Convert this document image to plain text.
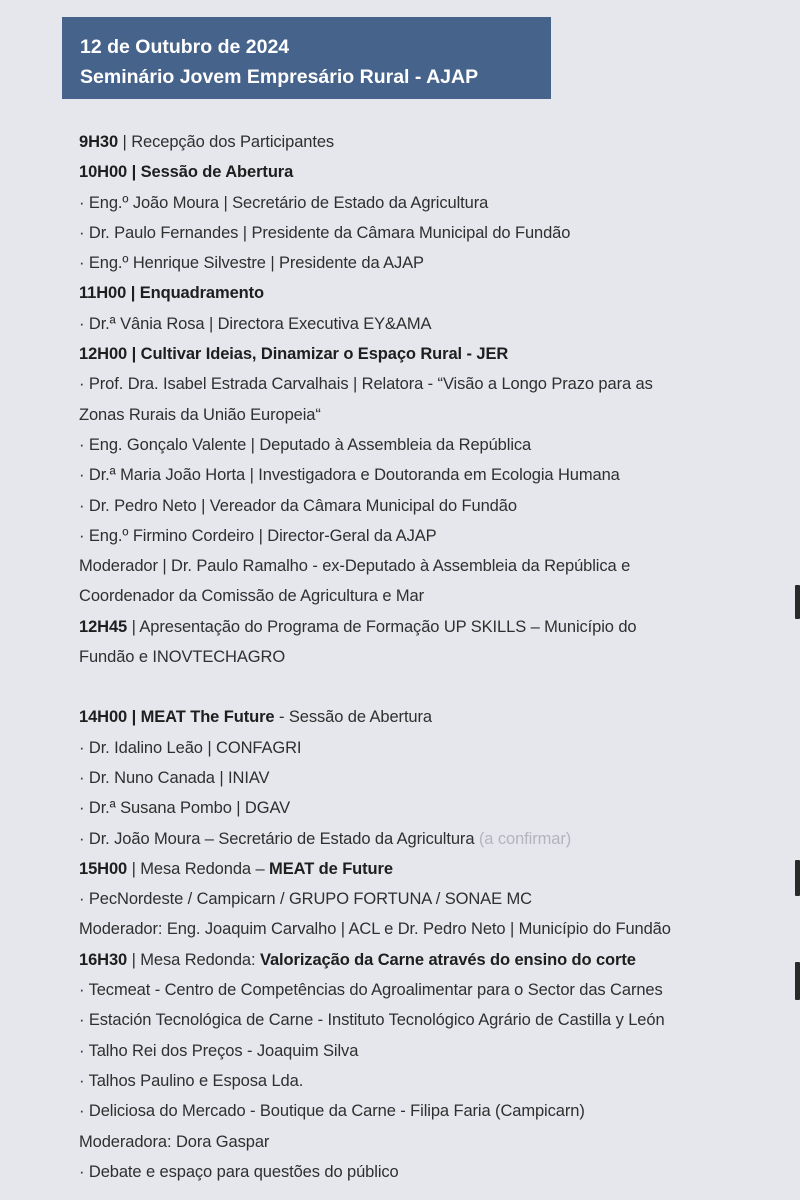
12 de Outubro de 2024
Seminário Jovem Empresário Rural - AJAP
9H30 | Recepção dos Participantes
10H00 | Sessão de Abertura
· Eng.º João Moura | Secretário de Estado da Agricultura
· Dr. Paulo Fernandes | Presidente da Câmara Municipal do Fundão
· Eng.º Henrique Silvestre | Presidente da AJAP
11H00 | Enquadramento
· Dr.ª Vânia Rosa | Directora Executiva EY&AMA
12H00 | Cultivar Ideias, Dinamizar o Espaço Rural - JER
· Prof. Dra. Isabel Estrada Carvalhais | Relatora - “Visão a Longo Prazo para as
Zonas Rurais da União Europeia“
· Eng. Gonçalo Valente | Deputado à Assembleia da República
· Dr.ª Maria João Horta | Investigadora e Doutoranda em Ecologia Humana
· Dr. Pedro Neto | Vereador da Câmara Municipal do Fundão
· Eng.º Firmino Cordeiro | Director-Geral da AJAP
Moderador | Dr. Paulo Ramalho - ex-Deputado à Assembleia da República e
Coordenador da Comissão de Agricultura e Mar
12H45 | Apresentação do Programa de Formação UP SKILLS – Município do
Fundão e INOVTECHAGRO
14H00 | MEAT The Future - Sessão de Abertura
· Dr. Idalino Leão | CONFAGRI
· Dr. Nuno Canada | INIAV
· Dr.ª Susana Pombo | DGAV
· Dr. João Moura – Secretário de Estado da Agricultura (a confirmar)
15H00 | Mesa Redonda – MEAT de Future
· PecNordeste / Campicarn / GRUPO FORTUNA / SONAE MC
Moderador: Eng. Joaquim Carvalho | ACL e Dr. Pedro Neto | Município do Fundão
16H30 | Mesa Redonda: Valorização da Carne através do ensino do corte
· Tecmeat - Centro de Competências do Agroalimentar para o Sector das Carnes
· Estación Tecnológica de Carne - Instituto Tecnológico Agrário de Castilla y León
· Talho Rei dos Preços - Joaquim Silva
· Talhos Paulino e Esposa Lda.
· Deliciosa do Mercado - Boutique da Carne - Filipa Faria (Campicarn)
Moderadora: Dora Gaspar
· Debate e espaço para questões do público
